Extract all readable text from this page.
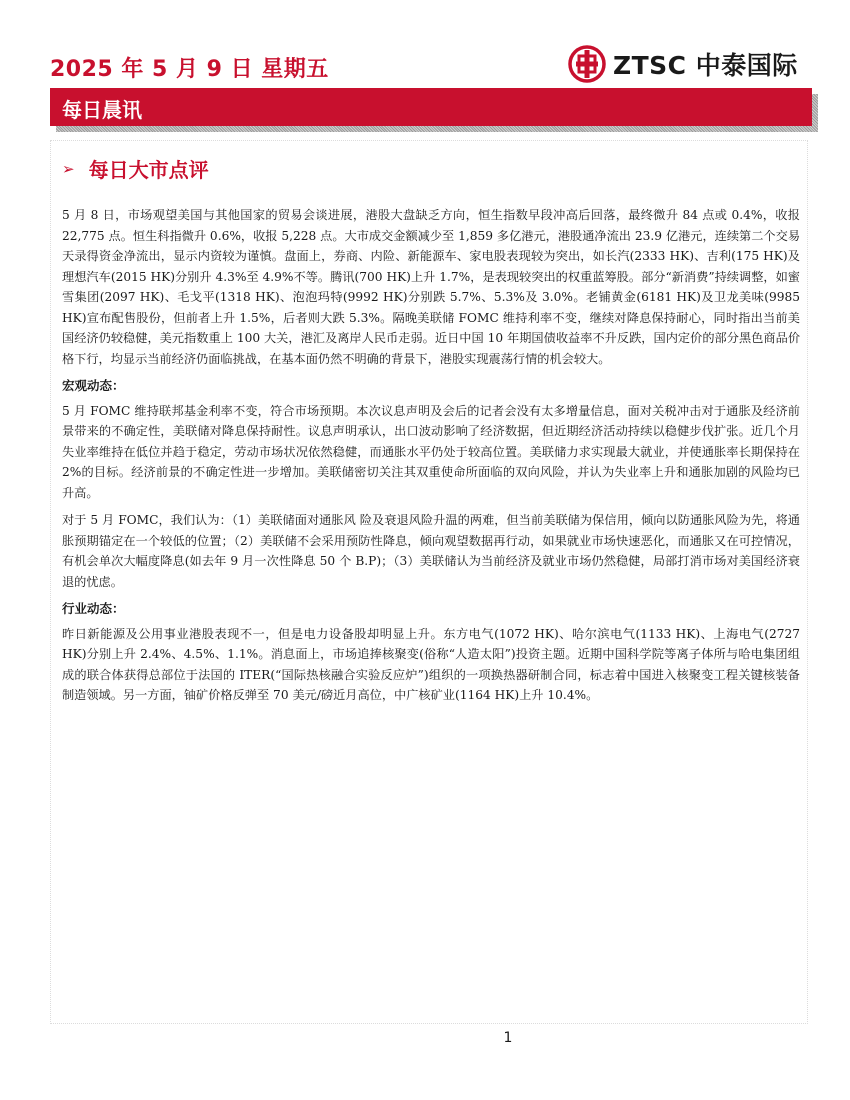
2025 年 5 月 9 日 星期五	ZTSC 中泰国际
每日晨讯
➢ 每日大市点评

5 月 8 日，市场观望美国与其他国家的贸易会谈进展，港股大盘缺乏方向，恒生指数早段冲高后回落，最终微升 84 点或 0.4%，收报 22,775 点。恒生科指微升 0.6%，收报 5,228 点。大市成交金额减少至 1,859 多亿港元，港股通净流出 23.9 亿港元，连续第二个交易天录得资金净流出，显示内资较为谨慎。盘面上，券商、内险、新能源车、家电股表现较为突出，如长汽(2333 HK)、吉利(175 HK)及理想汽车(2015 HK)分别升 4.3%至 4.9%不等。腾讯(700 HK)上升 1.7%，是表现较突出的权重蓝筹股。部分“新消费”持续调整，如蜜雪集团(2097 HK)、毛戈平(1318 HK)、泡泡玛特(9992 HK)分别跌 5.7%、5.3%及 3.0%。老铺黄金(6181 HK)及卫龙美味(9985 HK)宣布配售股份，但前者上升 1.5%，后者则大跌 5.3%。隔晚美联储 FOMC 维持利率不变，继续对降息保持耐心，同时指出当前美国经济仍较稳健，美元指数重上 100 大关，港汇及离岸人民币走弱。近日中国 10 年期国债收益率不升反跌，国内定价的部分黑色商品价格下行，均显示当前经济仍面临挑战，在基本面仍然不明确的背景下，港股实现震荡行情的机会较大。

宏观动态：

5 月 FOMC 维持联邦基金利率不变，符合市场预期。本次议息声明及会后的记者会没有太多增量信息，面对关税冲击对于通胀及经济前景带来的不确定性，美联储对降息保持耐性。议息声明承认，出口波动影响了经济数据，但近期经济活动持续以稳健步伐扩张。近几个月失业率维持在低位并趋于稳定，劳动市场状况依然稳健，而通胀水平仍处于较高位置。美联储力求实现最大就业，并使通胀率长期保持在 2%的目标。经济前景的不确定性进一步增加。美联储密切关注其双重使命所面临的双向风险，并认为失业率上升和通胀加剧的风险均已升高。

对于 5 月 FOMC，我们认为：（1）美联储面对通胀风 险及衰退风险升温的两难，但当前美联储为保信用，倾向以防通胀风险为先，将通胀预期锚定在一个较低的位置；（2）美联储不会采用预防性降息，倾向观望数据再行动，如果就业市场快速恶化，而通胀又在可控情况，有机会单次大幅度降息(如去年 9 月一次性降息 50 个 B.P)；（3）美联储认为当前经济及就业市场仍然稳健，局部打消市场对美国经济衰退的忧虑。

行业动态：

昨日新能源及公用事业港股表现不一，但是电力设备股却明显上升。东方电气(1072 HK)、哈尔滨电气(1133 HK)、上海电气(2727 HK)分别上升 2.4%、4.5%、1.1%。消息面上，市场追捧核聚变(俗称“人造太阳”)投资主题。近期中国科学院等离子体所与哈电集团组成的联合体获得总部位于法国的 ITER(“国际热核融合实验反应炉”)组织的一项换热器研制合同，标志着中国进入核聚变工程关键核装备制造领域。另一方面，铀矿价格反弹至 70 美元/磅近月高位，中广核矿业(1164 HK)上升 10.4%。

1
